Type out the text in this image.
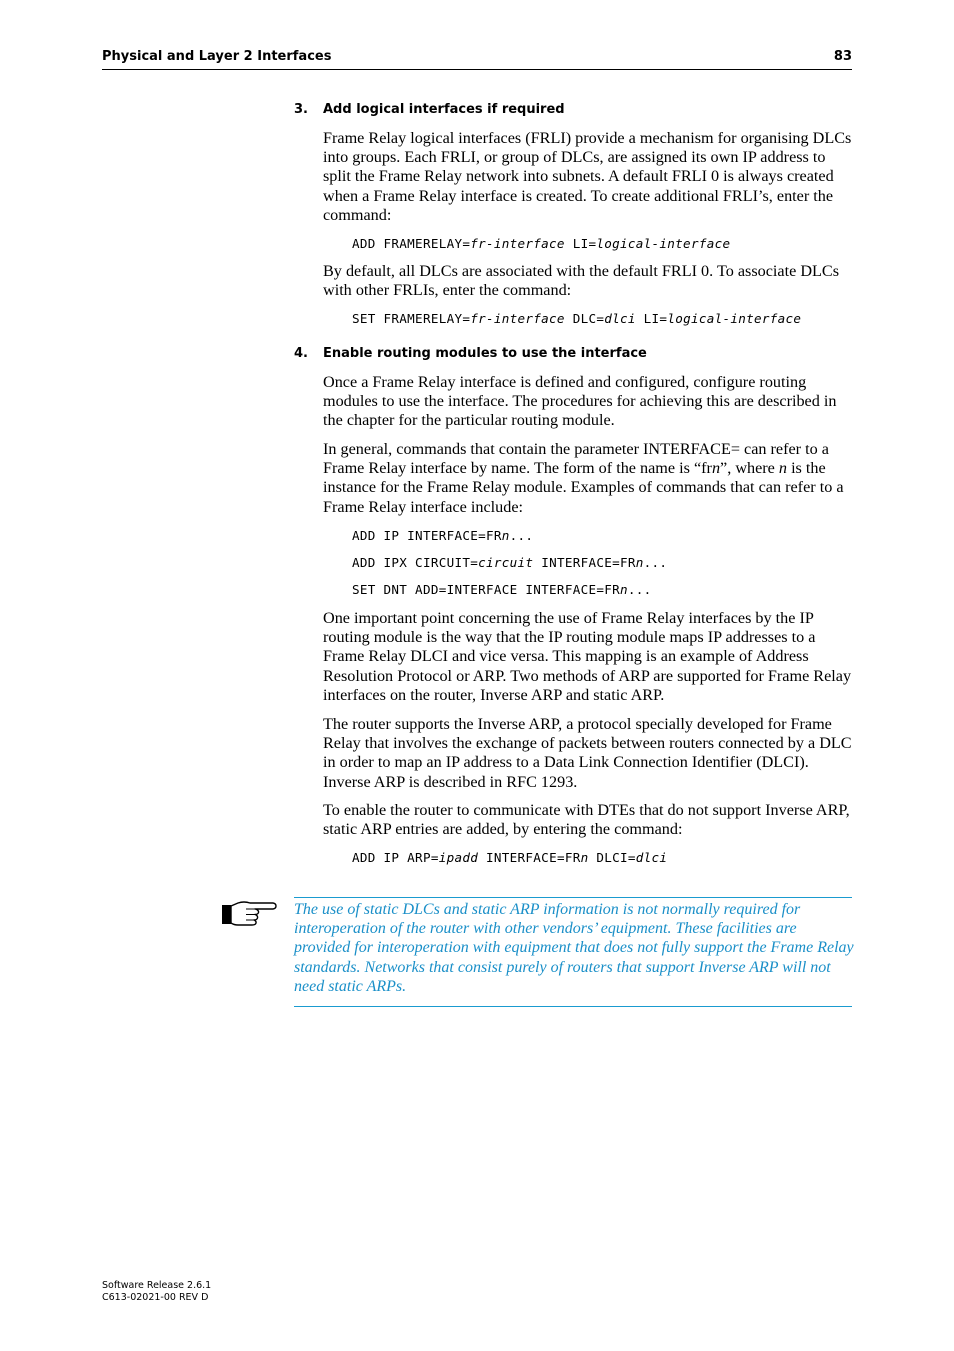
Physical and Layer 2 Interfaces	83
3. Add logical interfaces if required

Frame Relay logical interfaces (FRLI) provide a mechanism for organising DLCs into groups. Each FRLI, or group of DLCs, are assigned its own IP address to split the Frame Relay network into subnets. A default FRLI 0 is always created when a Frame Relay interface is created. To create additional FRLI’s, enter the command:

ADD FRAMERELAY=fr-interface LI=logical-interface

By default, all DLCs are associated with the default FRLI 0. To associate DLCs with other FRLIs, enter the command:

SET FRAMERELAY=fr-interface DLC=dlci LI=logical-interface
4. Enable routing modules to use the interface

Once a Frame Relay interface is defined and configured, configure routing modules to use the interface. The procedures for achieving this are described in the chapter for the particular routing module.

In general, commands that contain the parameter INTERFACE= can refer to a Frame Relay interface by name. The form of the name is “frn”, where n is the instance for the Frame Relay module. Examples of commands that can refer to a Frame Relay interface include:

ADD IP INTERFACE=FRn...
ADD IPX CIRCUIT=circuit INTERFACE=FRn...
SET DNT ADD=INTERFACE INTERFACE=FRn...

One important point concerning the use of Frame Relay interfaces by the IP routing module is the way that the IP routing module maps IP addresses to a Frame Relay DLCI and vice versa. This mapping is an example of Address Resolution Protocol or ARP. Two methods of ARP are supported for Frame Relay interfaces on the router, Inverse ARP and static ARP.

The router supports the Inverse ARP, a protocol specially developed for Frame Relay that involves the exchange of packets between routers connected by a DLC in order to map an IP address to a Data Link Connection Identifier (DLCI). Inverse ARP is described in RFC 1293.

To enable the router to communicate with DTEs that do not support Inverse ARP, static ARP entries are added, by entering the command:

ADD IP ARP=ipadd INTERFACE=FRn DLCI=dlci

The use of static DLCs and static ARP information is not normally required for interoperation of the router with other vendors’ equipment. These facilities are provided for interoperation with equipment that does not fully support the Frame Relay standards. Networks that consist purely of routers that support Inverse ARP will not need static ARPs.

Software Release 2.6.1
C613-02021-00 REV D
